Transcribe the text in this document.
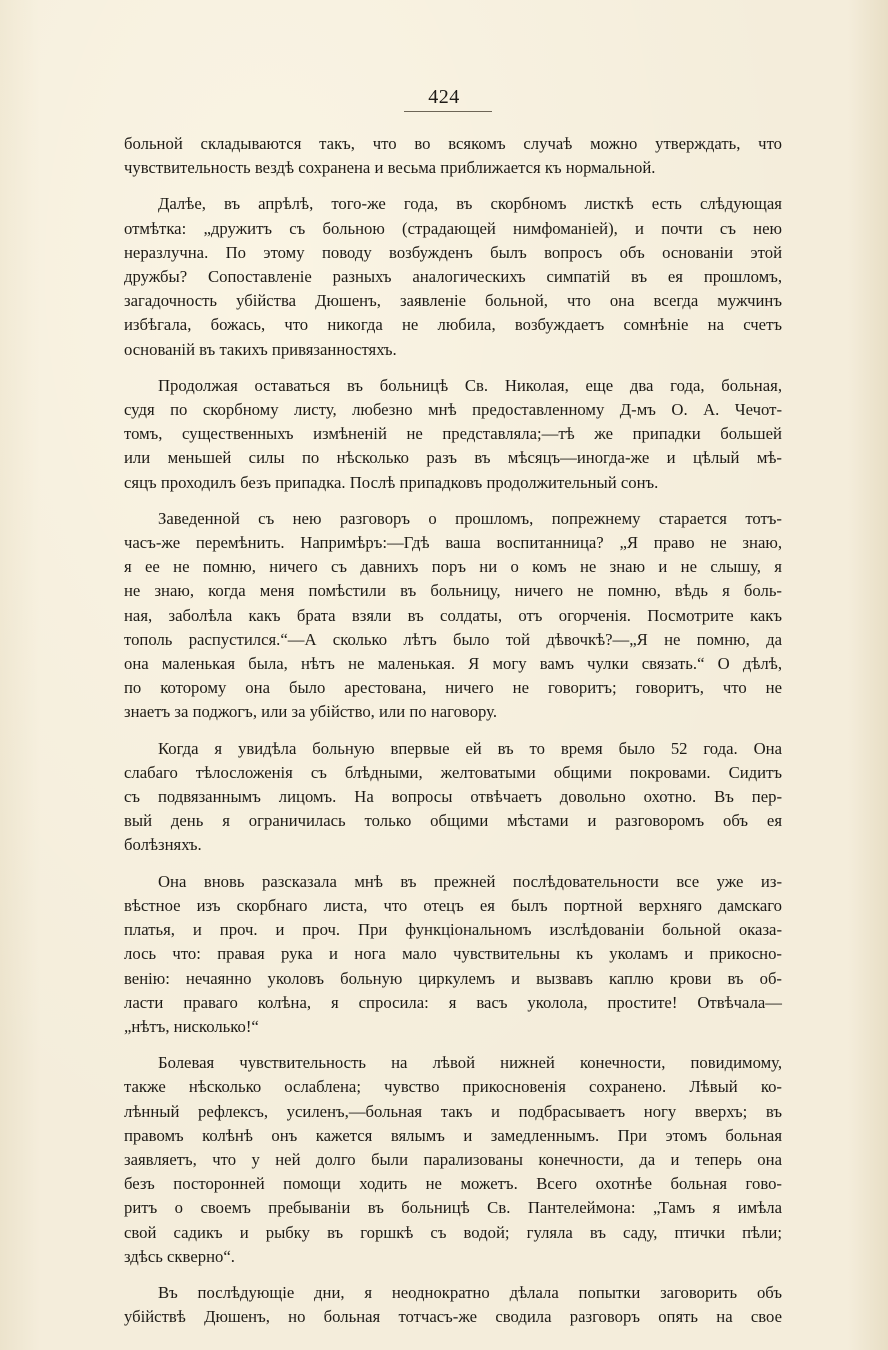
424
больной складываются такъ, что во всякомъ случаѣ можно утверждать, что
чувствительность вездѣ сохранена и весьма приближается къ нормальной.
Далѣе, въ апрѣлѣ, того-же года, въ скорбномъ листкѣ есть слѣдующая
отмѣтка: „дружитъ съ больною (страдающей нимфоманіей), и почти съ нею
неразлучна. По этому поводу возбужденъ былъ вопросъ объ основаніи этой
дружбы? Сопоставленіе разныхъ аналогическихъ симпатій въ ея прошломъ,
загадочность убійства Дюшенъ, заявленіе больной, что она всегда мужчинъ
избѣгала, божась, что никогда не любила, возбуждаетъ сомнѣніе на счетъ
основаній въ такихъ привязанностяхъ.
Продолжая оставаться въ больницѣ Св. Николая, еще два года, больная,
судя по скорбному листу, любезно мнѣ предоставленному Д-мъ О. А. Чечот-
томъ, существенныхъ измѣненій не представляла;—тѣ же припадки большей
или меньшей силы по нѣсколько разъ въ мѣсяцъ—иногда-же и цѣлый мѣ-
сяцъ проходилъ безъ припадка. Послѣ припадковъ продолжительный сонъ.
Заведенной съ нею разговоръ о прошломъ, попрежнему старается тотъ-
часъ-же перемѣнить. Напримѣръ:—Гдѣ ваша воспитанница? „Я право не знаю,
я ее не помню, ничего съ давнихъ поръ ни о комъ не знаю и не слышу, я
не знаю, когда меня помѣстили въ больницу, ничего не помню, вѣдь я боль-
ная, заболѣла какъ брата взяли въ солдаты, отъ огорченія. Посмотрите какъ
тополь распустился.“—А сколько лѣтъ было той дѣвочкѣ?—„Я не помню, да
она маленькая была, нѣтъ не маленькая. Я могу вамъ чулки связать.“ О дѣлѣ,
по которому она было арестована, ничего не говоритъ; говоритъ, что не
знаетъ за поджогъ, или за убійство, или по наговору.
Когда я увидѣла больную впервые ей въ то время было 52 года. Она
слабаго тѣлосложенія съ блѣдными, желтоватыми общими покровами. Сидитъ
съ подвязаннымъ лицомъ. На вопросы отвѣчаетъ довольно охотно. Въ пер-
вый день я ограничилась только общими мѣстами и разговоромъ объ ея
болѣзняхъ.
Она вновь разсказала мнѣ въ прежней послѣдовательности все уже из-
вѣстное изъ скорбнаго листа, что отецъ ея былъ портной верхняго дамскаго
платья, и проч. и проч. При функціональномъ изслѣдованіи больной оказа-
лось что: правая рука и нога мало чувствительны къ уколамъ и прикосно-
венію: нечаянно уколовъ больную циркулемъ и вызвавъ каплю крови въ об-
ласти праваго колѣна, я спросила: я васъ уколола, простите! Отвѣчала—
„нѣтъ, нисколько!“
Болевая чувствительность на лѣвой нижней конечности, повидимому,
также нѣсколько ослаблена; чувство прикосновенія сохранено. Лѣвый ко-
лѣнный рефлексъ, усиленъ,—больная такъ и подбрасываетъ ногу вверхъ; въ
правомъ колѣнѣ онъ кажется вялымъ и замедленнымъ. При этомъ больная
заявляетъ, что у ней долго были парализованы конечности, да и теперь она
безъ посторонней помощи ходить не можетъ. Всего охотнѣе больная гово-
ритъ о своемъ пребываніи въ больницѣ Св. Пантелеймона: „Тамъ я имѣла
свой садикъ и рыбку въ горшкѣ съ водой; гуляла въ саду, птички пѣли;
здѣсь скверно“.
Въ послѣдующіе дни, я неоднократно дѣлала попытки заговорить объ
убійствѣ Дюшенъ, но больная тотчасъ-же сводила разговоръ опять на свое
